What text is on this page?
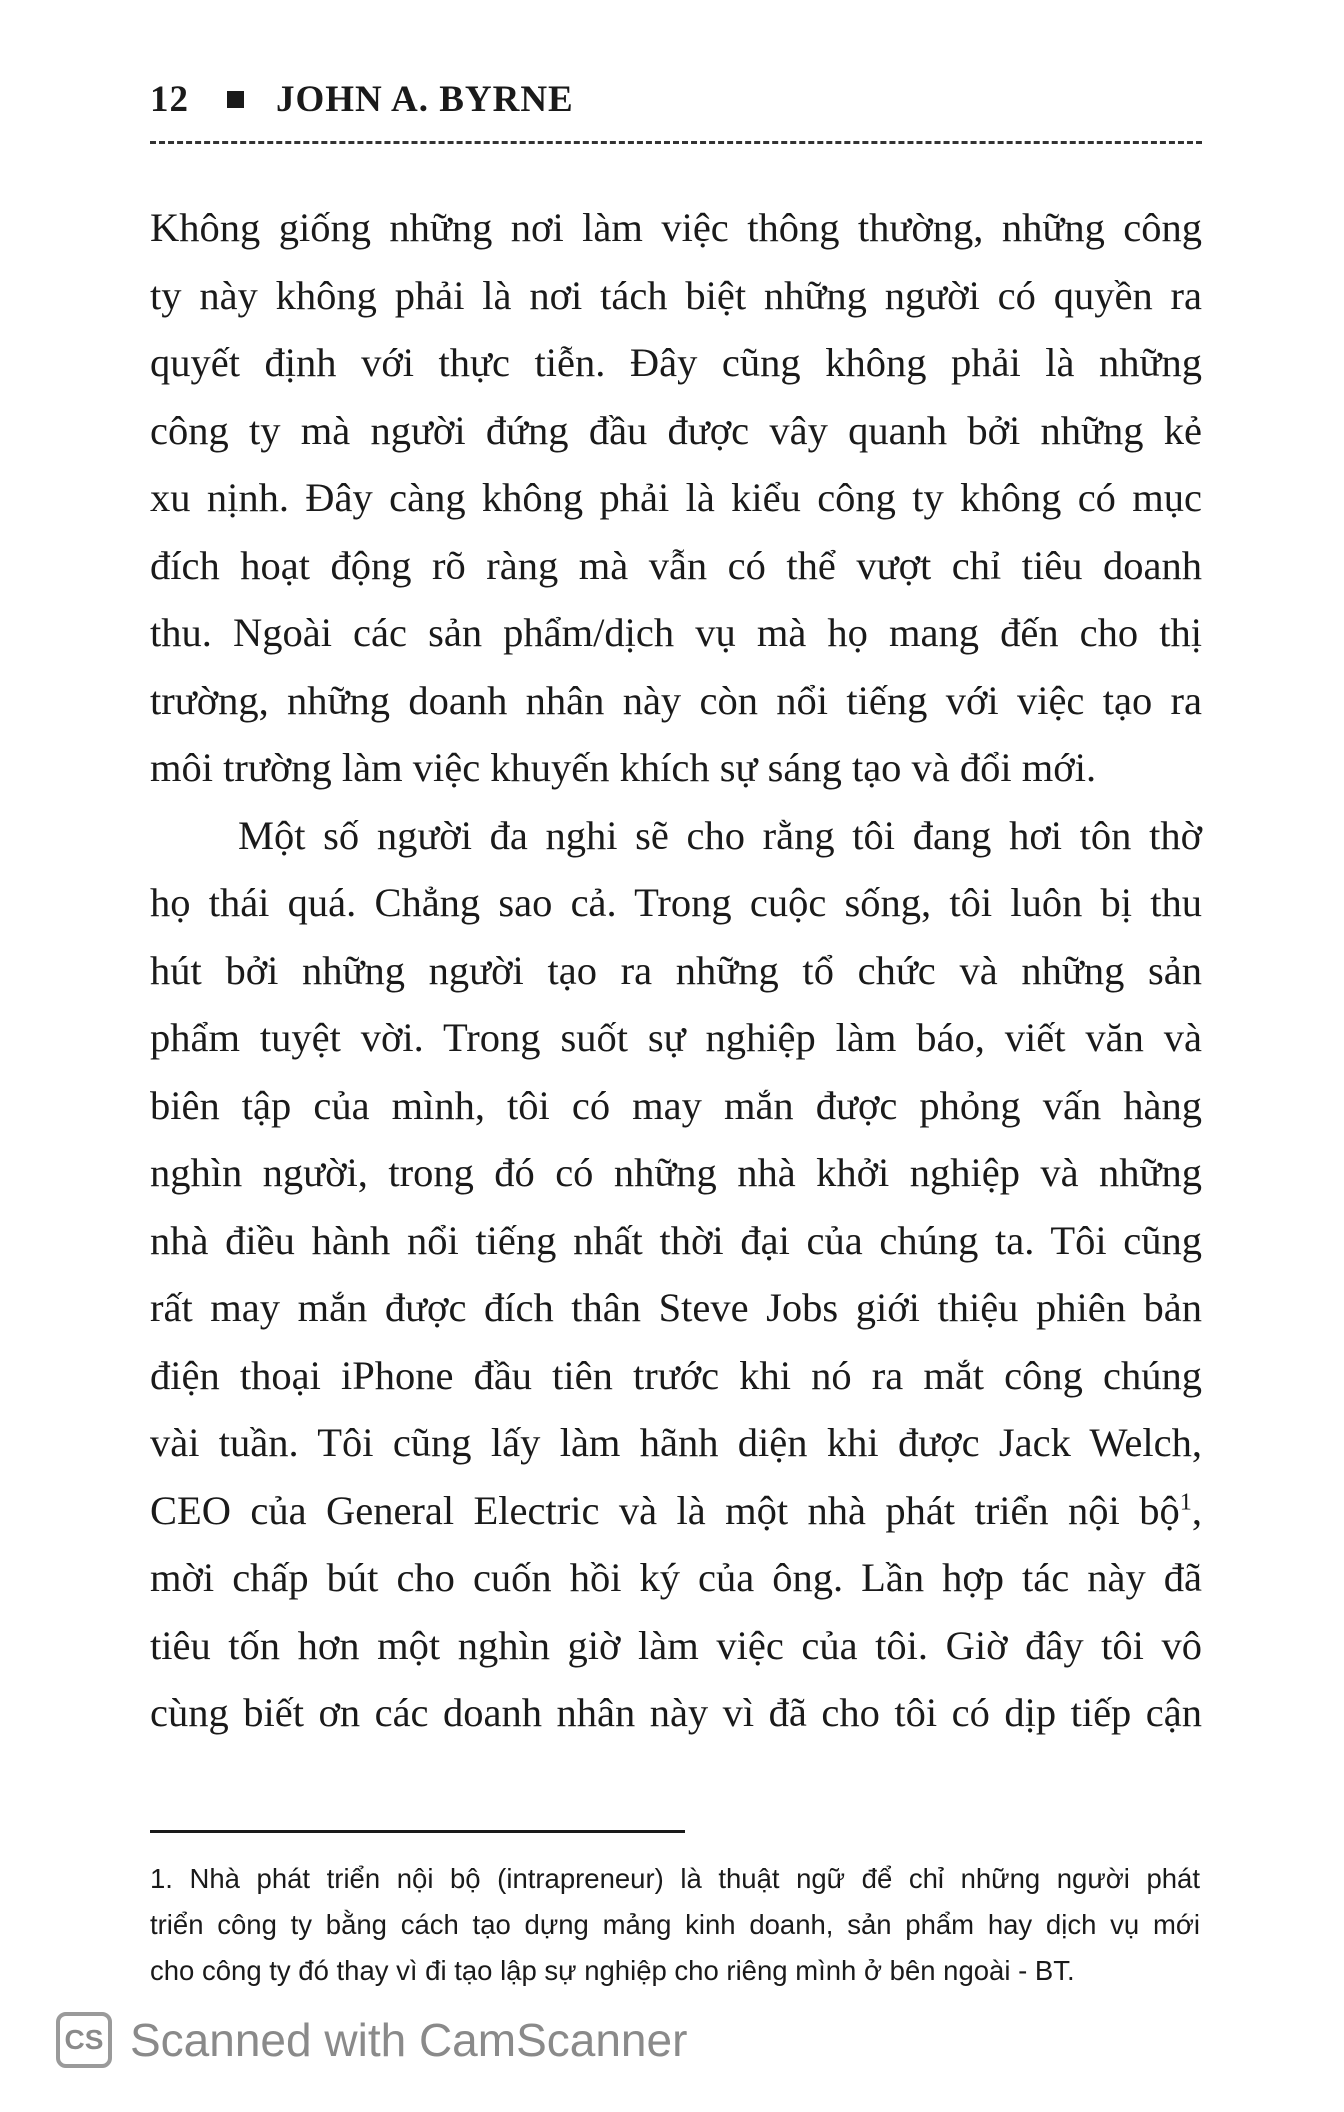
12 JOHN A. BYRNE
Không giống những nơi làm việc thông thường, những công
ty này không phải là nơi tách biệt những người có quyền ra
quyết định với thực tiễn. Đây cũng không phải là những
công ty mà người đứng đầu được vây quanh bởi những kẻ
xu nịnh. Đây càng không phải là kiểu công ty không có mục
đích hoạt động rõ ràng mà vẫn có thể vượt chỉ tiêu doanh
thu. Ngoài các sản phẩm/dịch vụ mà họ mang đến cho thị
trường, những doanh nhân này còn nổi tiếng với việc tạo ra
môi trường làm việc khuyến khích sự sáng tạo và đổi mới.
Một số người đa nghi sẽ cho rằng tôi đang hơi tôn thờ
họ thái quá. Chẳng sao cả. Trong cuộc sống, tôi luôn bị thu
hút bởi những người tạo ra những tổ chức và những sản
phẩm tuyệt vời. Trong suốt sự nghiệp làm báo, viết văn và
biên tập của mình, tôi có may mắn được phỏng vấn hàng
nghìn người, trong đó có những nhà khởi nghiệp và những
nhà điều hành nổi tiếng nhất thời đại của chúng ta. Tôi cũng
rất may mắn được đích thân Steve Jobs giới thiệu phiên bản
điện thoại iPhone đầu tiên trước khi nó ra mắt công chúng
vài tuần. Tôi cũng lấy làm hãnh diện khi được Jack Welch,
CEO của General Electric và là một nhà phát triển nội bộ$^1$,
mời chấp bút cho cuốn hồi ký của ông. Lần hợp tác này đã
tiêu tốn hơn một nghìn giờ làm việc của tôi. Giờ đây tôi vô
cùng biết ơn các doanh nhân này vì đã cho tôi có dịp tiếp cận
1. Nhà phát triển nội bộ (intrapreneur) là thuật ngữ để chỉ những người phát
triển công ty bằng cách tạo dựng mảng kinh doanh, sản phẩm hay dịch vụ mới
cho công ty đó thay vì đi tạo lập sự nghiệp cho riêng mình ở bên ngoài - BT.
CS Scanned with CamScanner
